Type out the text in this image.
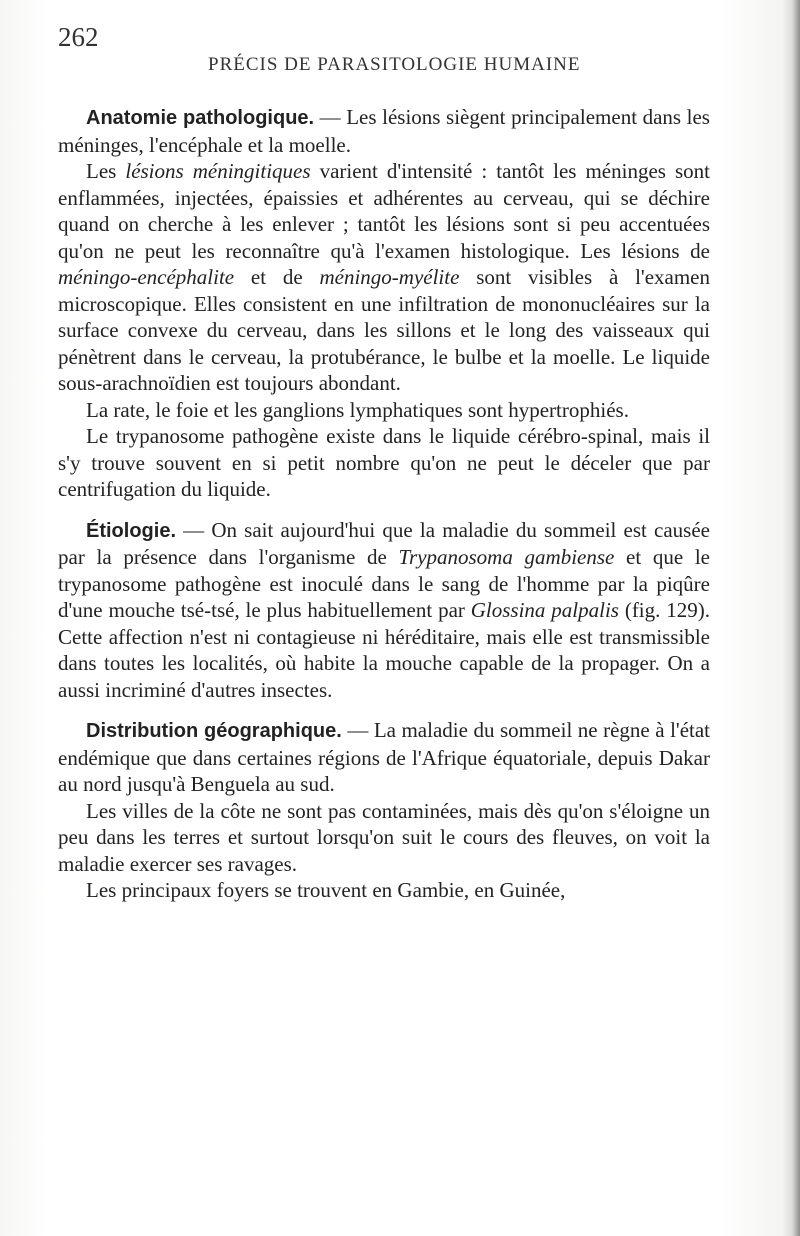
262
PRÉCIS DE PARASITOLOGIE HUMAINE

Anatomie pathologique. — Les lésions siègent principalement dans les méninges, l'encéphale et la moelle.

Les lésions méningitiques varient d'intensité : tantôt les méninges sont enflammées, injectées, épaissies et adhérentes au cerveau, qui se déchire quand on cherche à les enlever ; tantôt les lésions sont si peu accentuées qu'on ne peut les reconnaître qu'à l'examen histologique. Les lésions de méningo-encéphalite et de méningo-myélite sont visibles à l'examen microscopique. Elles consistent en une infiltration de mononucléaires sur la surface convexe du cerveau, dans les sillons et le long des vaisseaux qui pénètrent dans le cerveau, la protubérance, le bulbe et la moelle. Le liquide sous-arachnoïdien est toujours abondant.

La rate, le foie et les ganglions lymphatiques sont hypertrophiés.

Le trypanosome pathogène existe dans le liquide cérébro-spinal, mais il s'y trouve souvent en si petit nombre qu'on ne peut le déceler que par centrifugation du liquide.

Étiologie. — On sait aujourd'hui que la maladie du sommeil est causée par la présence dans l'organisme de Trypanosoma gambiense et que le trypanosome pathogène est inoculé dans le sang de l'homme par la piqûre d'une mouche tsé-tsé, le plus habituellement par Glossina palpalis (fig. 129). Cette affection n'est ni contagieuse ni héréditaire, mais elle est transmissible dans toutes les localités, où habite la mouche capable de la propager. On a aussi incriminé d'autres insectes.

Distribution géographique. — La maladie du sommeil ne règne à l'état endémique que dans certaines régions de l'Afrique équatoriale, depuis Dakar au nord jusqu'à Benguela au sud.

Les villes de la côte ne sont pas contaminées, mais dès qu'on s'éloigne un peu dans les terres et surtout lorsqu'on suit le cours des fleuves, on voit la maladie exercer ses ravages.

Les principaux foyers se trouvent en Gambie, en Guinée,
